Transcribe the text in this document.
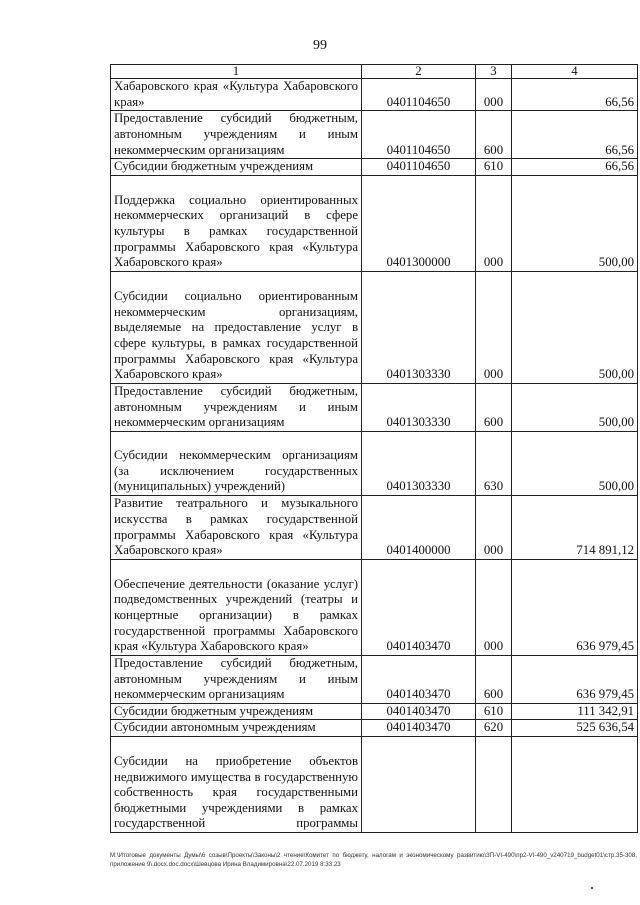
99
1	2	3	4
Хабаровского края «Культура Хабаровского края»	0401104650	000	66,56
Предоставление субсидий бюджетным, автономным учреждениям и иным некоммерческим организациям	0401104650	600	66,56
Субсидии бюджетным учреждениям	0401104650	610	66,56
Поддержка социально ориентированных некоммерческих организаций в сфере культуры в рамках государственной программы Хабаровского края «Культура Хабаровского края»	0401300000	000	500,00
Субсидии социально ориентированным некоммерческим организациям, выделяемые на предоставление услуг в сфере культуры, в рамках государственной программы Хабаровского края «Культура Хабаровского края»	0401303330	000	500,00
Предоставление субсидий бюджетным, автономным учреждениям и иным некоммерческим организациям	0401303330	600	500,00
Субсидии некоммерческим организациям (за исключением государственных (муниципальных) учреждений)	0401303330	630	500,00
Развитие театрального и музыкального искусства в рамках государственной программы Хабаровского края «Культура Хабаровского края»	0401400000	000	714 891,12
Обеспечение деятельности (оказание услуг) подведомственных учреждений (театры и концертные организации) в рамках государственной программы Хабаровского края «Культура Хабаровского края»	0401403470	000	636 979,45
Предоставление субсидий бюджетным, автономным учреждениям и иным некоммерческим организациям	0401403470	600	636 979,45
Субсидии бюджетным учреждениям	0401403470	610	111 342,91
Субсидии автономным учреждениям	0401403470	620	525 636,54
Субсидии на приобретение объектов недвижимого имущества в государственную собственность края государственными бюджетными учреждениями в рамках государственной программы			
M:\Итоговые документы Думы\6 созыв\Проекты\Законы\2 чтение\Комитет по бюджету, налогам и экономическому развитию\ЗП-VI-490\пр2-VI-490_v240719_budget01\стр.35-308, приложение 9\.docx.doc.docx\Шевцова Ирина Владимировна\22.07.2019 8:33:23
